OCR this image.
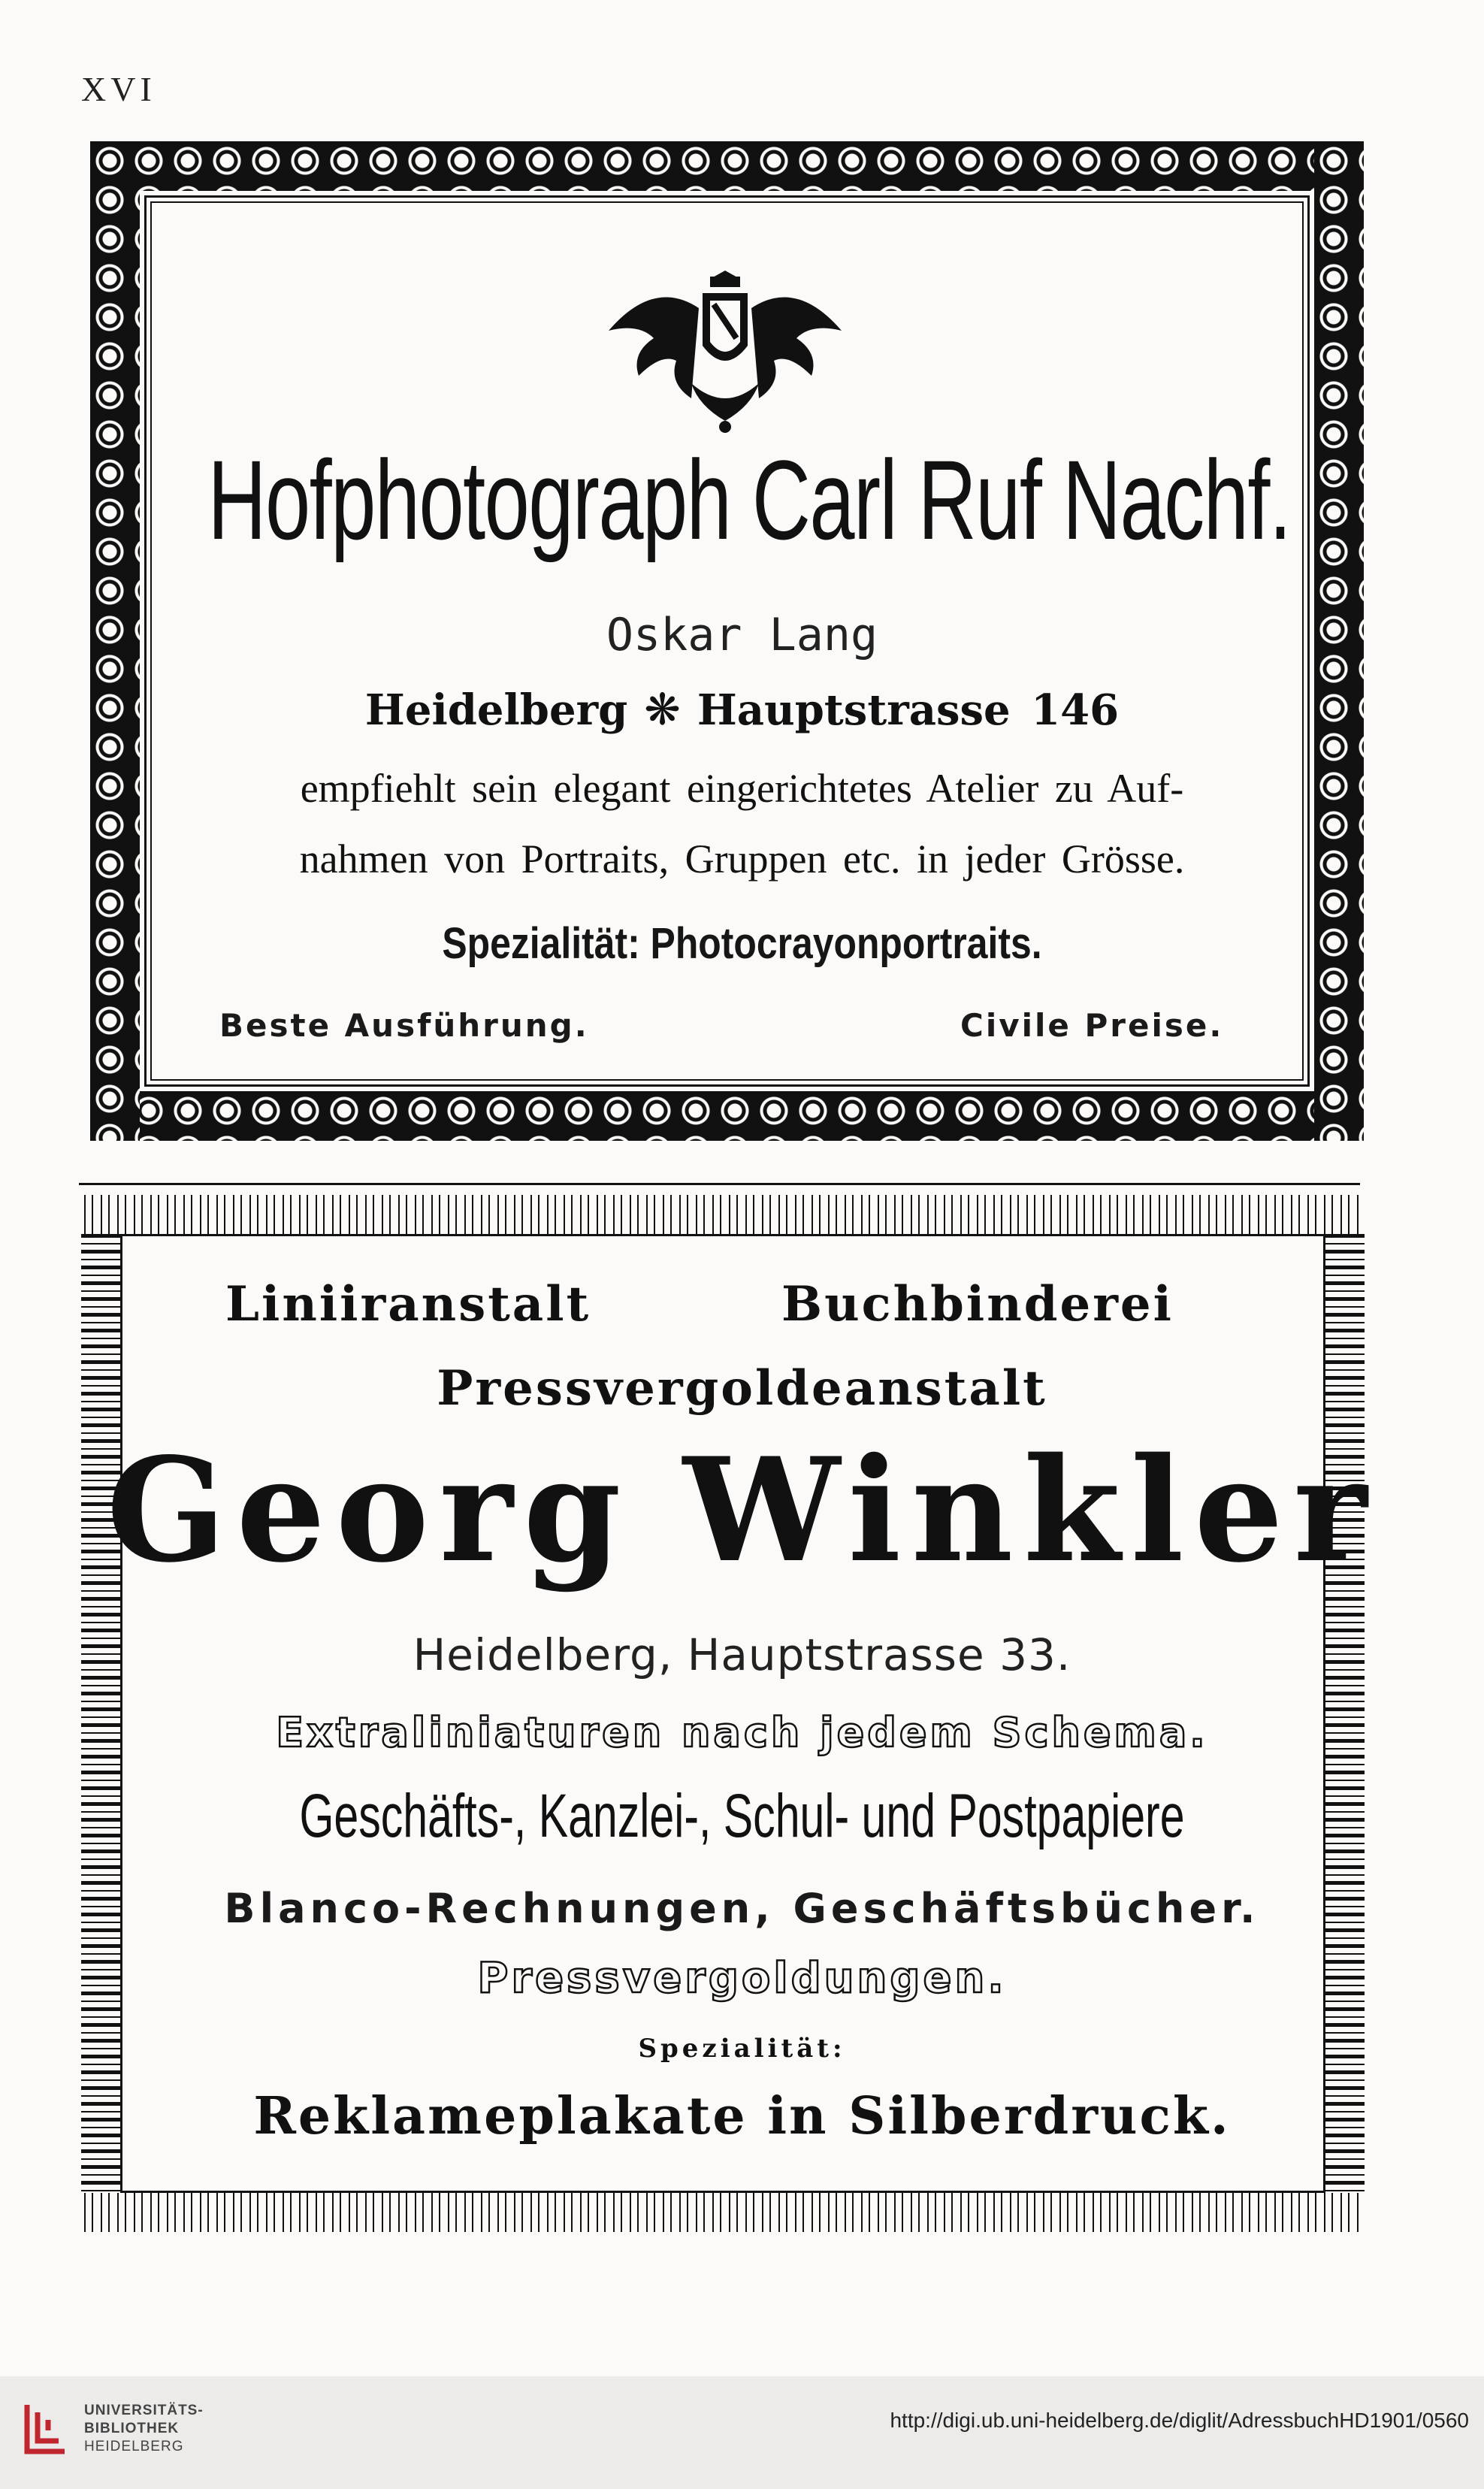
XVI
Hofphotograph Carl Ruf Nachf.
Oskar Lang
Heidelberg ❋ Hauptstrasse 146
empfiehlt sein elegant eingerichtetes Atelier zu Auf-
nahmen von Portraits, Gruppen etc. in jeder Grösse.
Spezialität: Photocrayonportraits.
Beste Ausführung.	Civile Preise.
Liniiranstalt	Buchbinderei
Pressvergoldeanstalt
Georg Winkler
Heidelberg, Hauptstrasse 33.
Extraliniaturen nach jedem Schema.
Geschäfts-, Kanzlei-, Schul- und Postpapiere
Blanco-Rechnungen, Geschäftsbücher.
Pressvergoldungen.
Spezialität:
Reklameplakate in Silberdruck.
UNIVERSITÄTS-
BIBLIOTHEK
HEIDELBERG
http://digi.ub.uni-heidelberg.de/diglit/AdressbuchHD1901/0560
